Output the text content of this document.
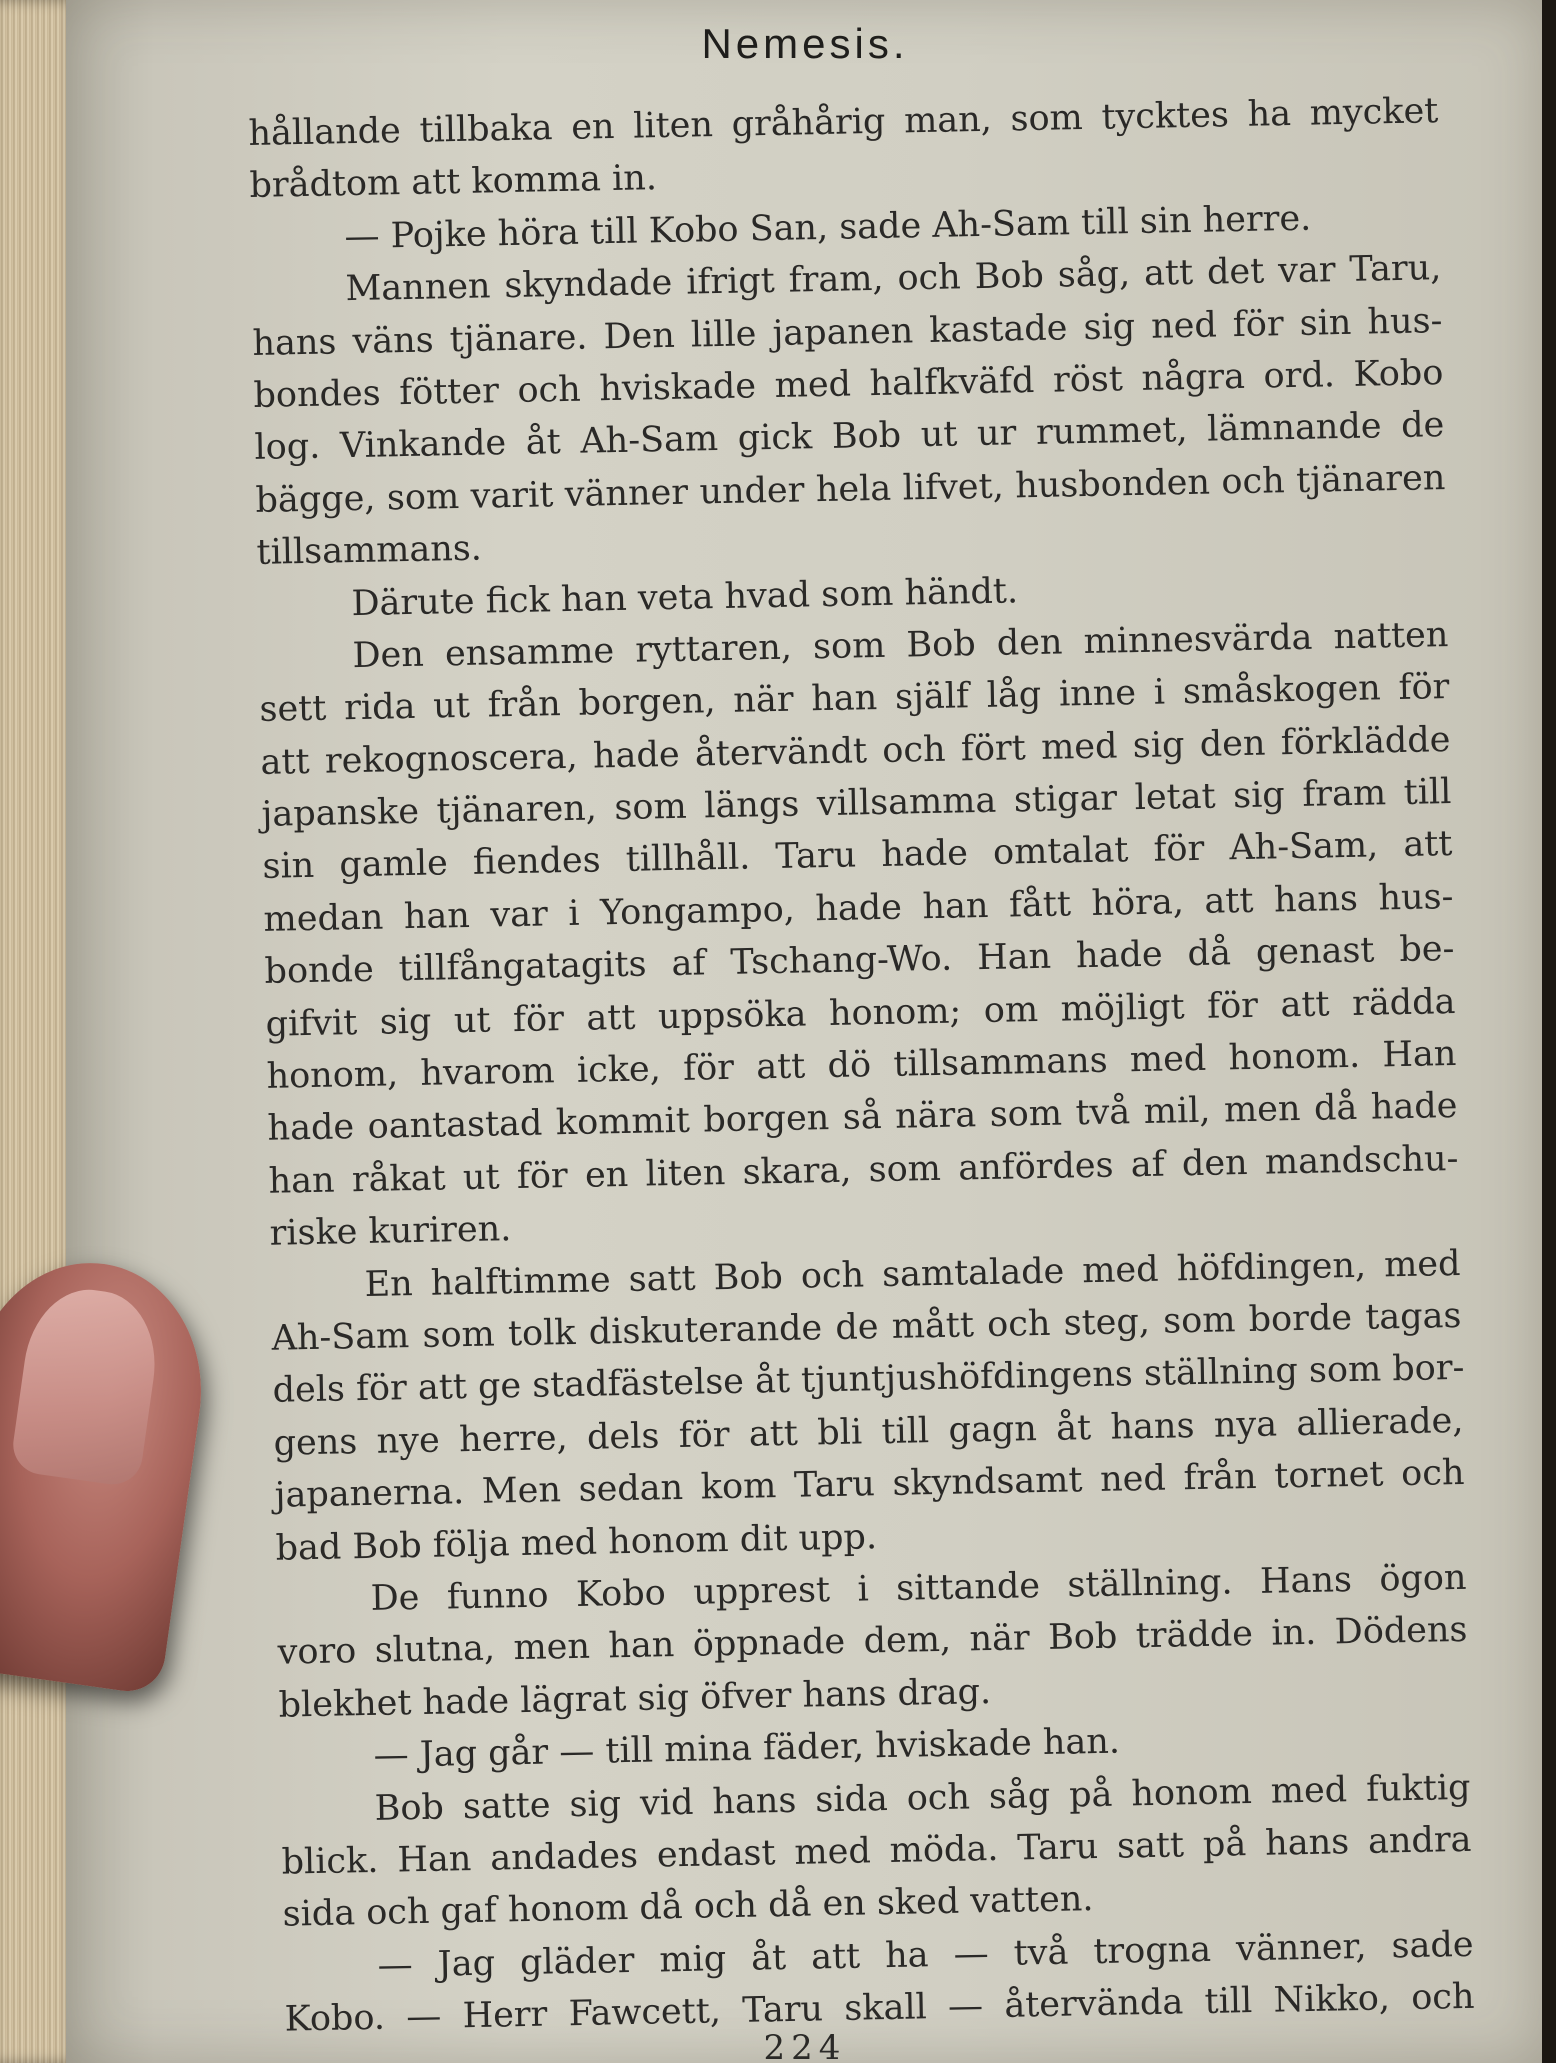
Nemesis.
hållande tillbaka en liten gråhårig man, som tycktes ha mycket
brådtom att komma in.
— Pojke höra till Kobo San, sade Ah-Sam till sin herre.
Mannen skyndade ifrigt fram, och Bob såg, att det var Taru,
hans väns tjänare. Den lille japanen kastade sig ned för sin hus-
bondes fötter och hviskade med halfkväfd röst några ord. Kobo
log. Vinkande åt Ah-Sam gick Bob ut ur rummet, lämnande de
bägge, som varit vänner under hela lifvet, husbonden och tjänaren
tillsammans.
Därute fick han veta hvad som händt.
Den ensamme ryttaren, som Bob den minnesvärda natten
sett rida ut från borgen, när han själf låg inne i småskogen för
att rekognoscera, hade återvändt och fört med sig den förklädde
japanske tjänaren, som längs villsamma stigar letat sig fram till
sin gamle fiendes tillhåll. Taru hade omtalat för Ah-Sam, att
medan han var i Yongampo, hade han fått höra, att hans hus-
bonde tillfångatagits af Tschang-Wo. Han hade då genast be-
gifvit sig ut för att uppsöka honom; om möjligt för att rädda
honom, hvarom icke, för att dö tillsammans med honom. Han
hade oantastad kommit borgen så nära som två mil, men då hade
han råkat ut för en liten skara, som anfördes af den mandschu-
riske kuriren.
En halftimme satt Bob och samtalade med höfdingen, med
Ah-Sam som tolk diskuterande de mått och steg, som borde tagas
dels för att ge stadfästelse åt tjuntjushöfdingens ställning som bor-
gens nye herre, dels för att bli till gagn åt hans nya allierade,
japanerna. Men sedan kom Taru skyndsamt ned från tornet och
bad Bob följa med honom dit upp.
De funno Kobo upprest i sittande ställning. Hans ögon
voro slutna, men han öppnade dem, när Bob trädde in. Dödens
blekhet hade lägrat sig öfver hans drag.
— Jag går — till mina fäder, hviskade han.
Bob satte sig vid hans sida och såg på honom med fuktig
blick. Han andades endast med möda. Taru satt på hans andra
sida och gaf honom då och då en sked vatten.
— Jag gläder mig åt att ha — två trogna vänner, sade
Kobo. — Herr Fawcett, Taru skall — återvända till Nikko, och
224
